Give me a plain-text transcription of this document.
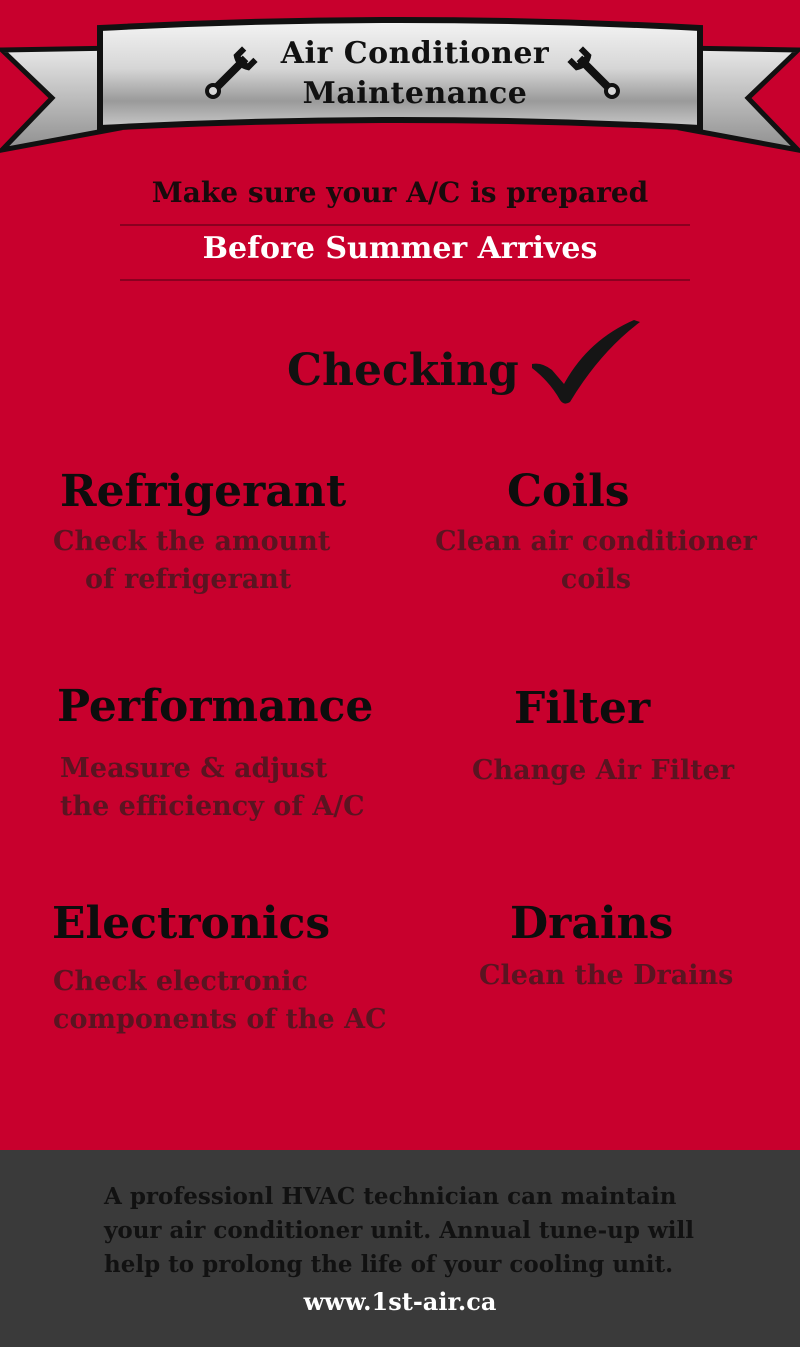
Air Conditioner
Maintenance
Make sure your A/C is prepared
Before Summer Arrives
Checking
Refrigerant
Check the amount
of refrigerant
Coils
Clean air conditioner
coils
Performance
Measure & adjust
the efficiency of A/C
Filter
Change Air Filter
Electronics
Check electronic
components of the AC
Drains
Clean the Drains
A professionl HVAC technician can maintain
your air conditioner unit. Annual tune-up will
help to prolong the life of your cooling unit.
www.1st-air.ca
